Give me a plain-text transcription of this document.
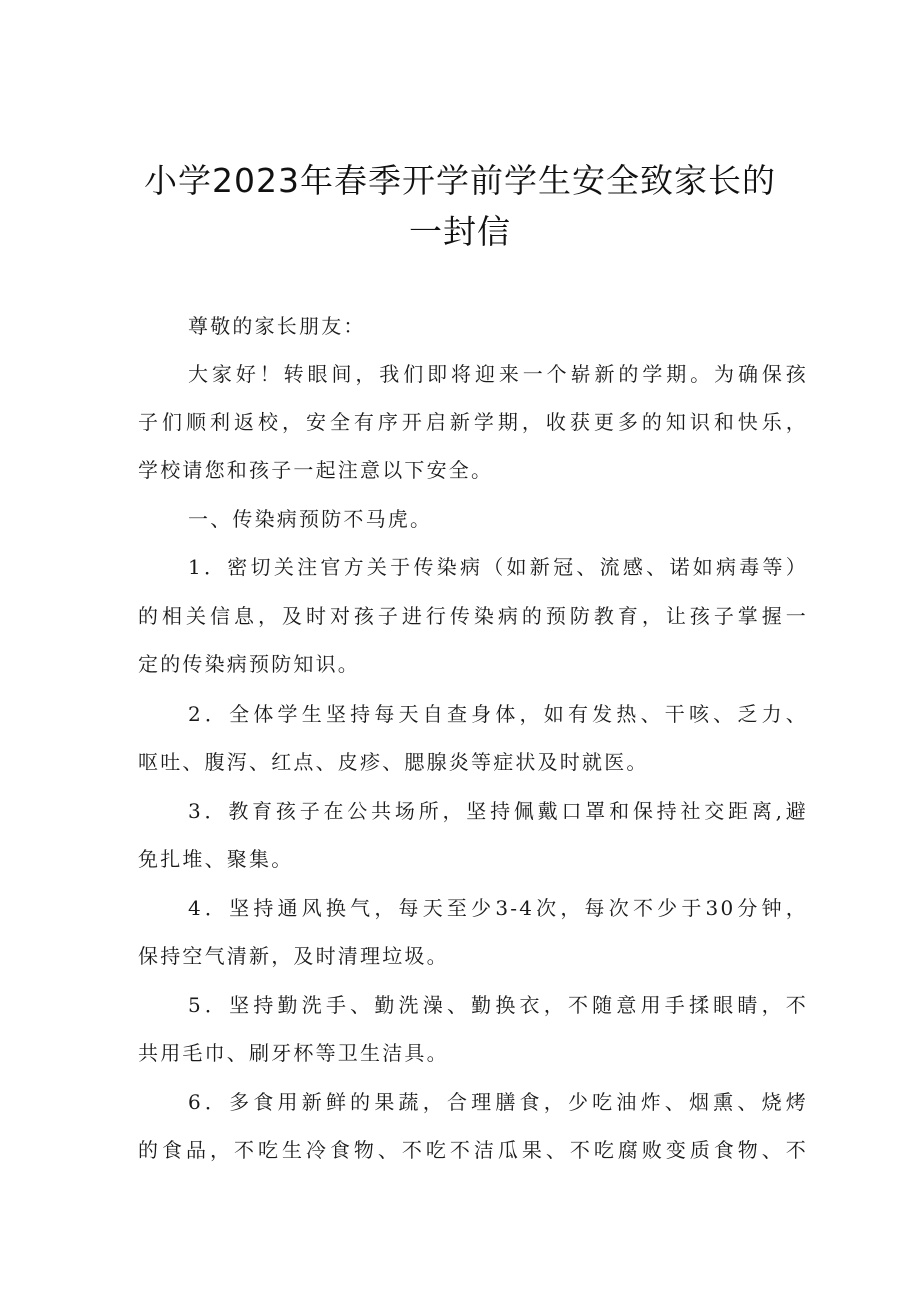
小学2023年春季开学前学生安全致家长的
一封信
尊敬的家长朋友：
大家好！转眼间，我们即将迎来一个崭新的学期。为确保孩
子们顺利返校，安全有序开启新学期，收获更多的知识和快乐，
学校请您和孩子一起注意以下安全。
一、传染病预防不马虎。
1．密切关注官方关于传染病（如新冠、流感、诺如病毒等）
的相关信息，及时对孩子进行传染病的预防教育，让孩子掌握一
定的传染病预防知识。
2．全体学生坚持每天自查身体，如有发热、干咳、乏力、
呕吐、腹泻、红点、皮疹、腮腺炎等症状及时就医。
3．教育孩子在公共场所，坚持佩戴口罩和保持社交距离,避
免扎堆、聚集。
4．坚持通风换气，每天至少3-4次，每次不少于30分钟，
保持空气清新，及时清理垃圾。
5．坚持勤洗手、勤洗澡、勤换衣，不随意用手揉眼睛，不
共用毛巾、刷牙杯等卫生洁具。
6．多食用新鲜的果蔬，合理膳食，少吃油炸、烟熏、烧烤
的食品，不吃生冷食物、不吃不洁瓜果、不吃腐败变质食物、不
